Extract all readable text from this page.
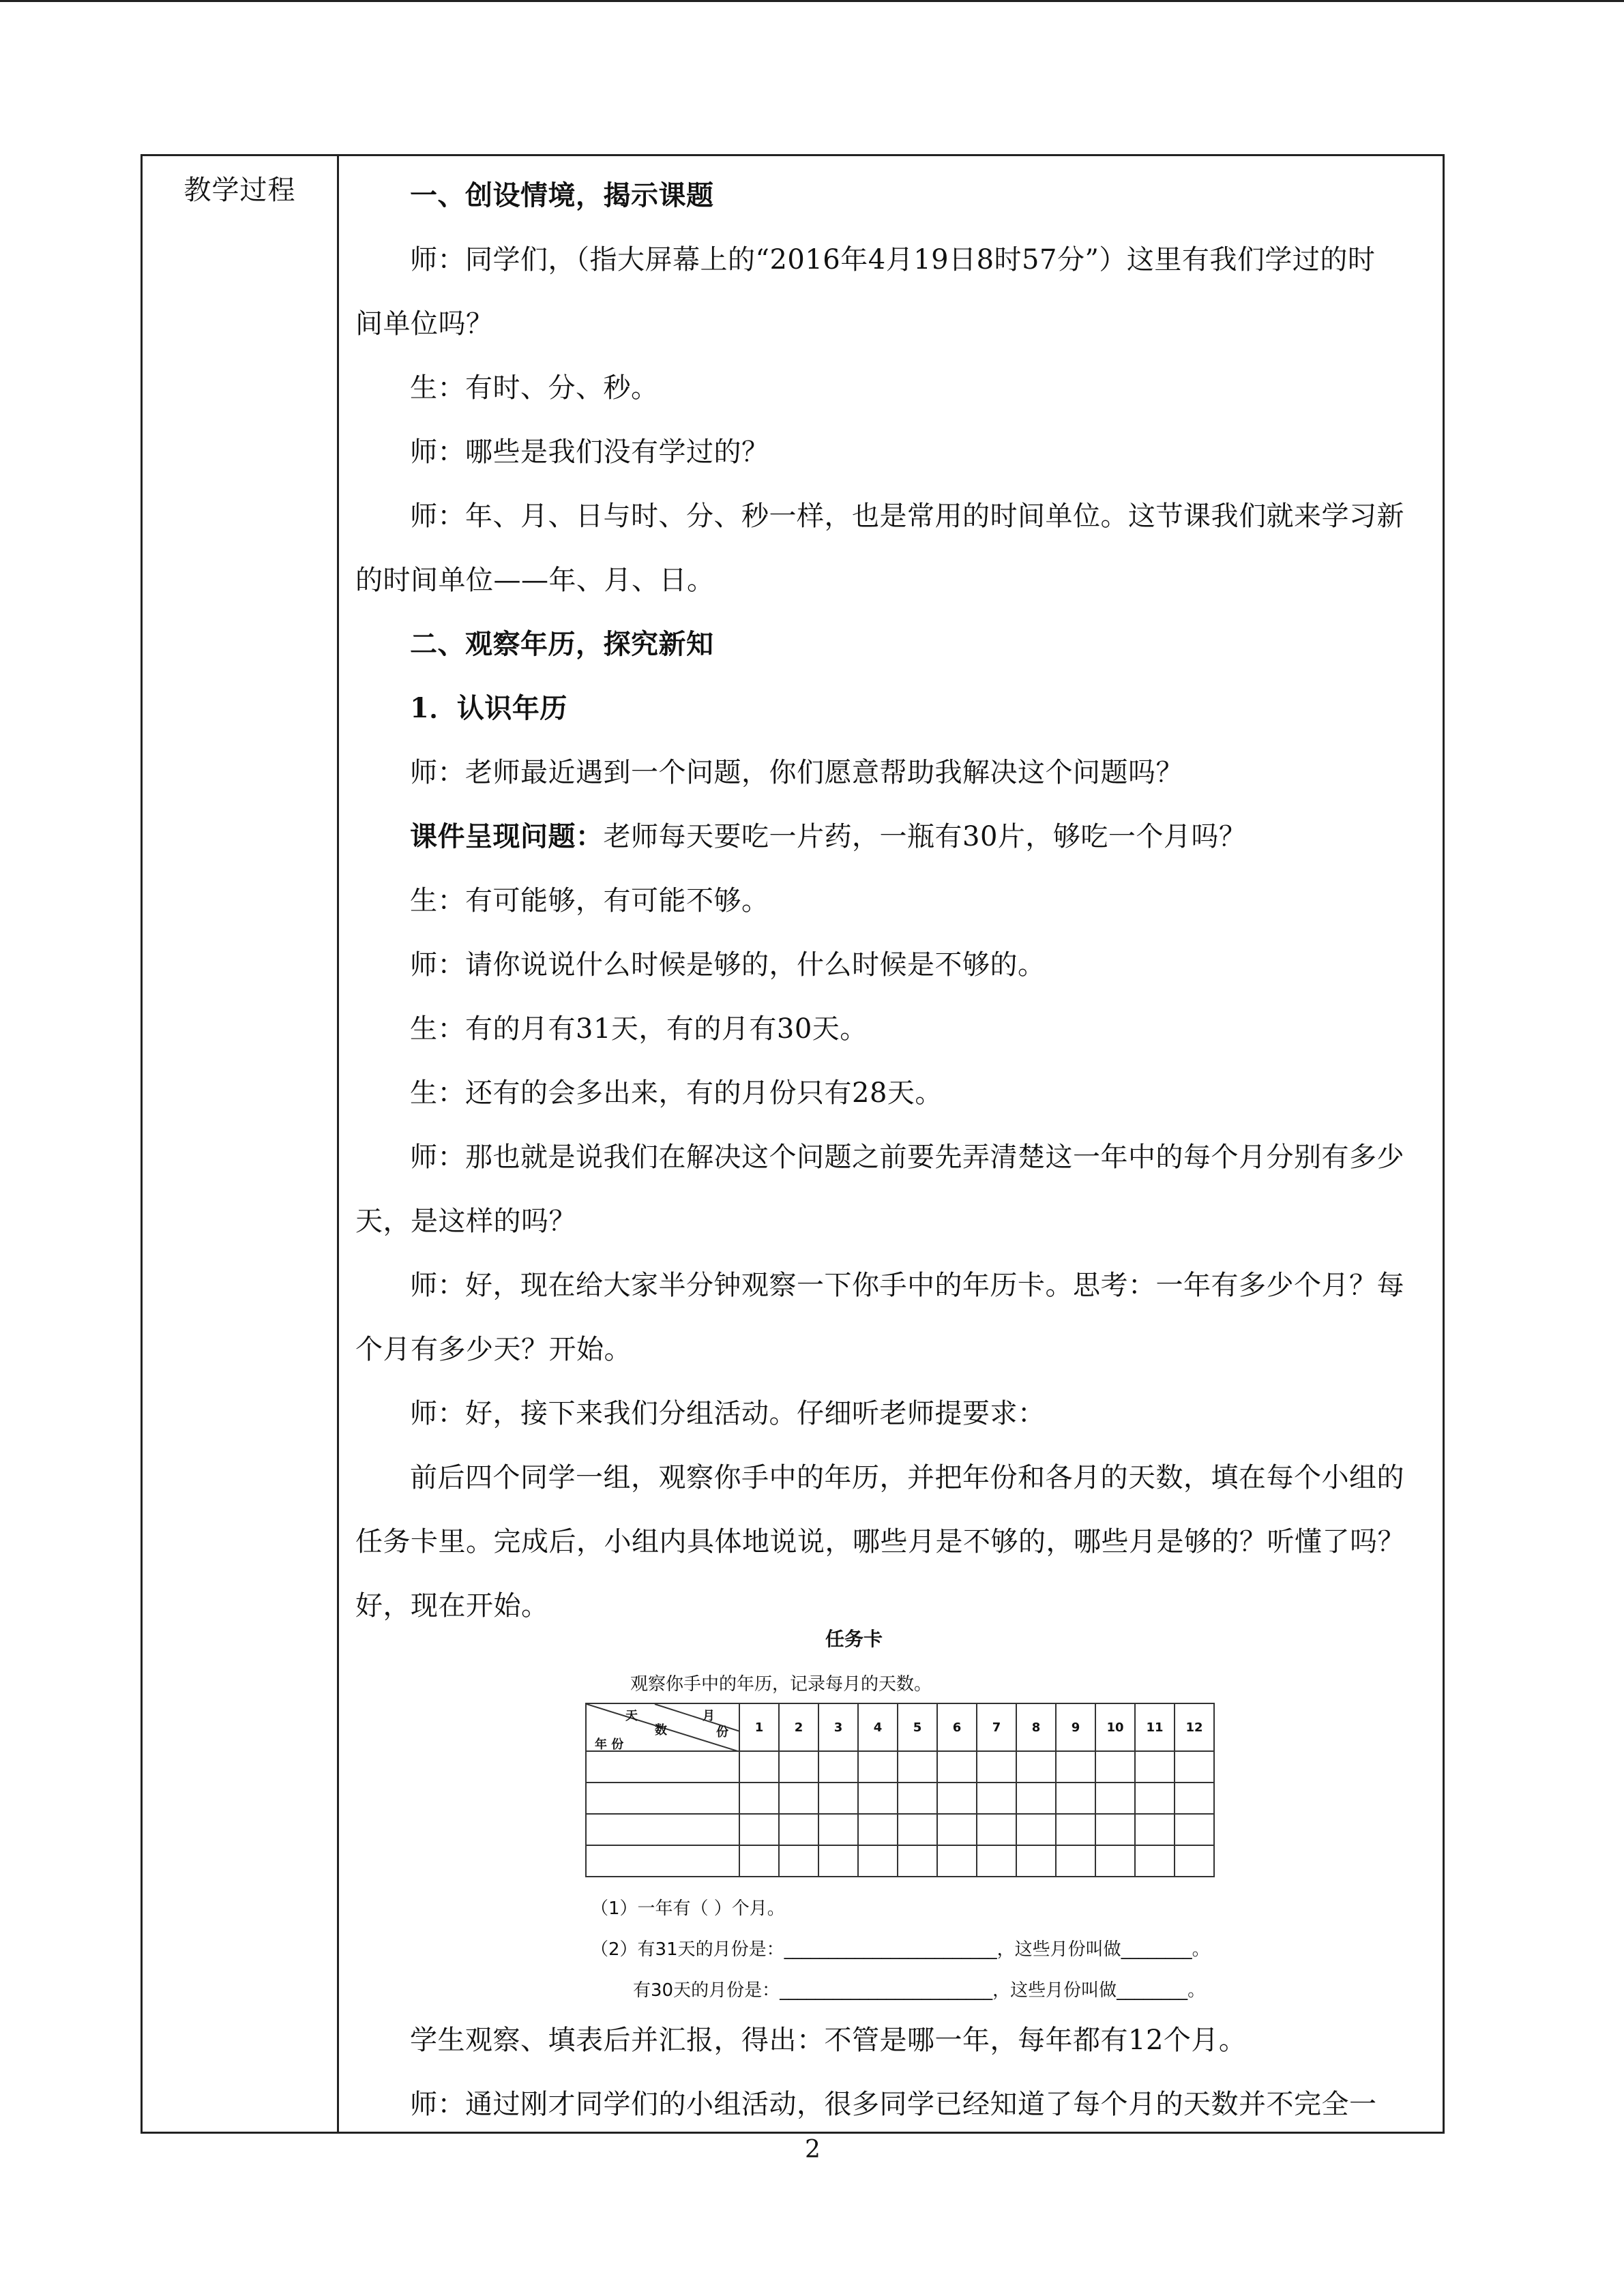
教学过程	一、创设情境，揭示课题
师：同学们，（指大屏幕上的“2016年4月19日8时57分”）这里有我们学过的时
间单位吗？
生：有时、分、秒。
师：哪些是我们没有学过的？
师：年、月、日与时、分、秒一样，也是常用的时间单位。这节课我们就来学习新
的时间单位——年、月、日。
二、观察年历，探究新知
1．认识年历
师：老师最近遇到一个问题，你们愿意帮助我解决这个问题吗？
课件呈现问题：老师每天要吃一片药，一瓶有30片，够吃一个月吗？
生：有可能够，有可能不够。
师：请你说说什么时候是够的，什么时候是不够的。
生：有的月有31天，有的月有30天。
生：还有的会多出来，有的月份只有28天。
师：那也就是说我们在解决这个问题之前要先弄清楚这一年中的每个月分别有多少
天，是这样的吗？
师：好，现在给大家半分钟观察一下你手中的年历卡。思考：一年有多少个月？每
个月有多少天？开始。
师：好，接下来我们分组活动。仔细听老师提要求：
前后四个同学一组，观察你手中的年历，并把年份和各月的天数，填在每个小组的
任务卡里。完成后，小组内具体地说说，哪些月是不够的，哪些月是够的？听懂了吗？
好，现在开始。
学生观察、填表后并汇报，得出：不管是哪一年，每年都有12个月。
师：通过刚才同学们的小组活动，很多同学已经知道了每个月的天数并不完全一
任务卡
观察你手中的年历，记录每月的天数。
天 月
数 份
年 份	1	2	3	4	5	6	7	8	9	10	11	12

（1）一年有（ ）个月。
（2）有31天的月份是：________________________，这些月份叫做________。
有30天的月份是：________________________，这些月份叫做________。
2
